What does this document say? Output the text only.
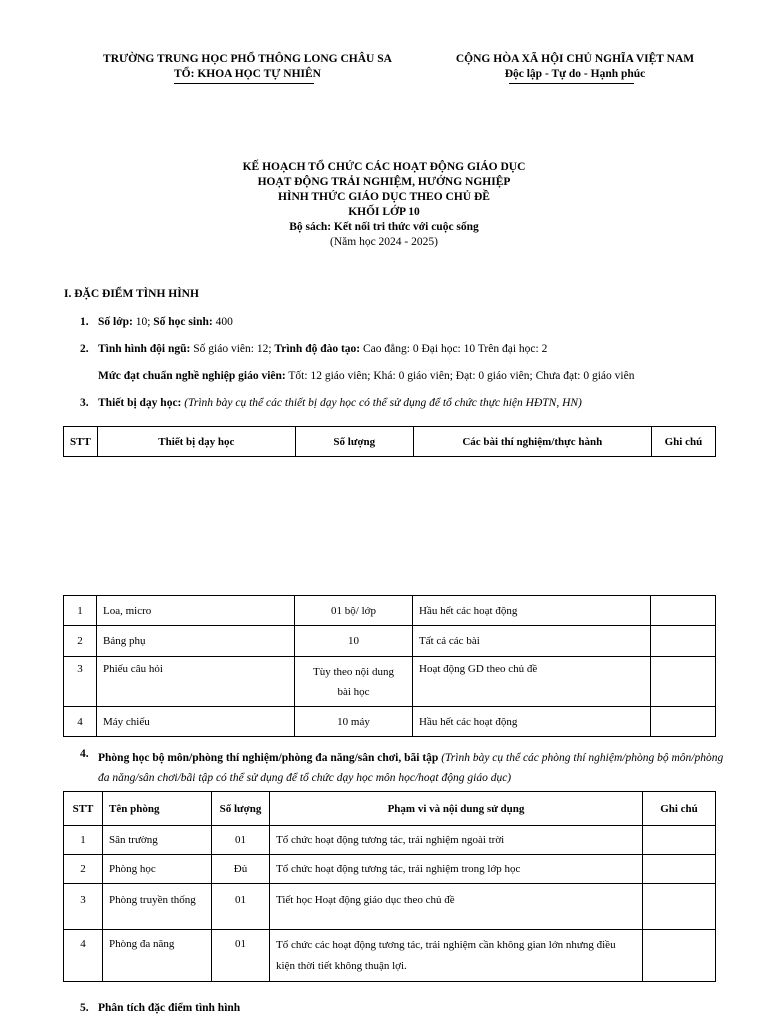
TRƯỜNG TRUNG HỌC PHỔ THÔNG LONG CHÂU SA
TỔ: KHOA HỌC TỰ NHIÊN
CỘNG HÒA XÃ HỘI CHỦ NGHĨA VIỆT NAM
Độc lập - Tự do - Hạnh phúc
KẾ HOẠCH TỔ CHỨC CÁC HOẠT ĐỘNG GIÁO DỤC
HOẠT ĐỘNG TRẢI NGHIỆM, HƯỚNG NGHIỆP
HÌNH THỨC GIÁO DỤC THEO CHỦ ĐỀ
KHỐI LỚP 10
Bộ sách: Kết nối tri thức với cuộc sống
(Năm học 2024 - 2025)
I. ĐẶC ĐIỂM TÌNH HÌNH
1. Số lớp: 10; Số học sinh: 400
2. Tình hình đội ngũ: Số giáo viên: 12; Trình độ đào tạo: Cao đẳng: 0 Đại học: 10 Trên đại học: 2
Mức đạt chuẩn nghề nghiệp giáo viên: Tốt: 12 giáo viên; Khá: 0 giáo viên; Đạt: 0 giáo viên; Chưa đạt: 0 giáo viên
3. Thiết bị dạy học: (Trình bày cụ thể các thiết bị dạy học có thể sử dụng để tổ chức thực hiện HĐTN, HN)
STT	Thiết bị dạy học	Số lượng	Các bài thí nghiệm/thực hành	Ghi chú
1	Loa, micro	01 bộ/ lớp	Hầu hết các hoạt động	
2	Bảng phụ	10	Tất cả các bài	
3	Phiếu câu hỏi	Tùy theo nội dung bài học	Hoạt động GD theo chủ đề	
4	Máy chiếu	10 máy	Hầu hết các hoạt động	
4. Phòng học bộ môn/phòng thí nghiệm/phòng đa năng/sân chơi, bãi tập (Trình bày cụ thể các phòng thí nghiệm/phòng bộ môn/phòng đa năng/sân chơi/bãi tập có thể sử dụng để tổ chức dạy học môn học/hoạt động giáo dục)
STT	Tên phòng	Số lượng	Phạm vi và nội dung sử dụng	Ghi chú
1	Sân trường	01	Tổ chức hoạt động tương tác, trải nghiệm ngoài trời	
2	Phòng học	Đủ	Tổ chức hoạt động tương tác, trải nghiệm trong lớp học	
3	Phòng truyền thống	01	Tiết học Hoạt động giáo dục theo chủ đề	
4	Phòng đa năng	01	Tổ chức các hoạt động tương tác, trải nghiệm cần không gian lớn nhưng điều kiện thời tiết không thuận lợi.	
5. Phân tích đặc điểm tình hình
